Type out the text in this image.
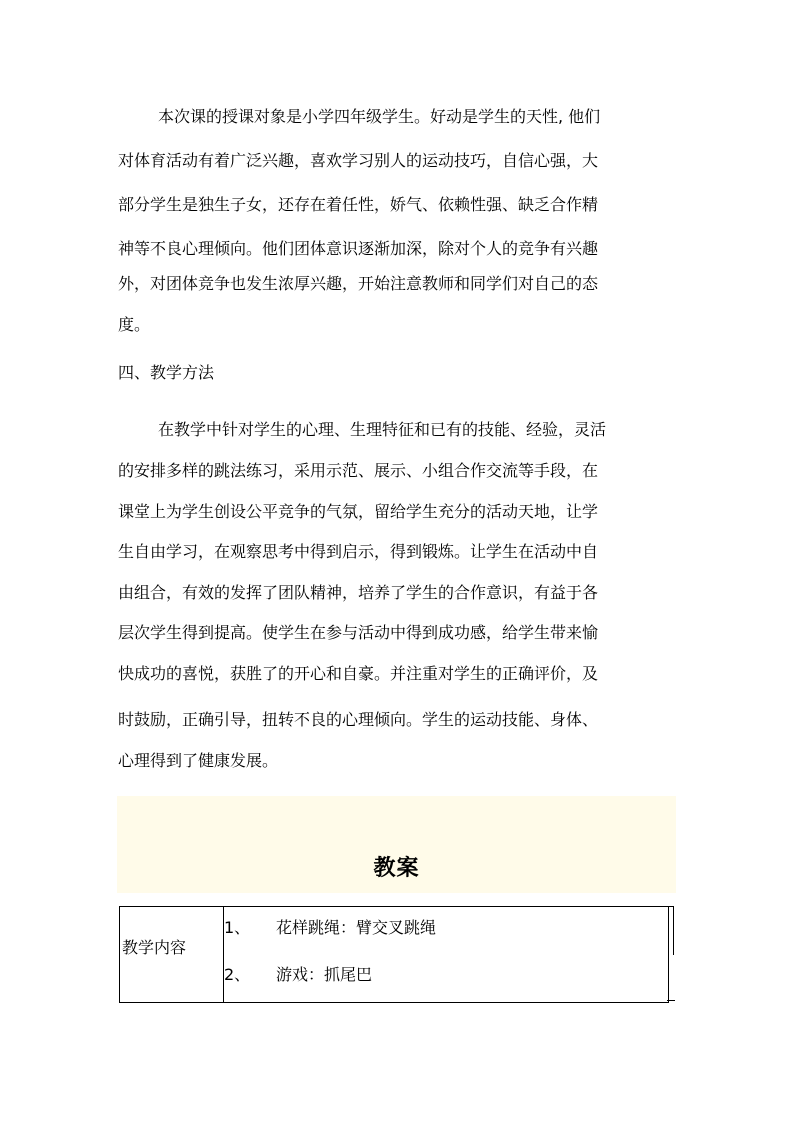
本次课的授课对象是小学四年级学生。好动是学生的天性, 他们
对体育活动有着广泛兴趣，喜欢学习别人的运动技巧，自信心强，大
部分学生是独生子女，还存在着任性，娇气、依赖性强、缺乏合作精
神等不良心理倾向。他们团体意识逐渐加深，除对个人的竞争有兴趣
外，对团体竞争也发生浓厚兴趣，开始注意教师和同学们对自己的态
度。
四、教学方法
在教学中针对学生的心理、生理特征和已有的技能、经验，灵活
的安排多样的跳法练习，采用示范、展示、小组合作交流等手段，在
课堂上为学生创设公平竞争的气氛，留给学生充分的活动天地，让学
生自由学习，在观察思考中得到启示，得到锻炼。让学生在活动中自
由组合，有效的发挥了团队精神，培养了学生的合作意识，有益于各
层次学生得到提高。使学生在参与活动中得到成功感，给学生带来愉
快成功的喜悦，获胜了的开心和自豪。并注重对学生的正确评价，及
时鼓励，正确引导，扭转不良的心理倾向。学生的运动技能、身体、
心理得到了健康发展。
教案
教学内容
1、 花样跳绳：臂交叉跳绳
2、 游戏：抓尾巴
